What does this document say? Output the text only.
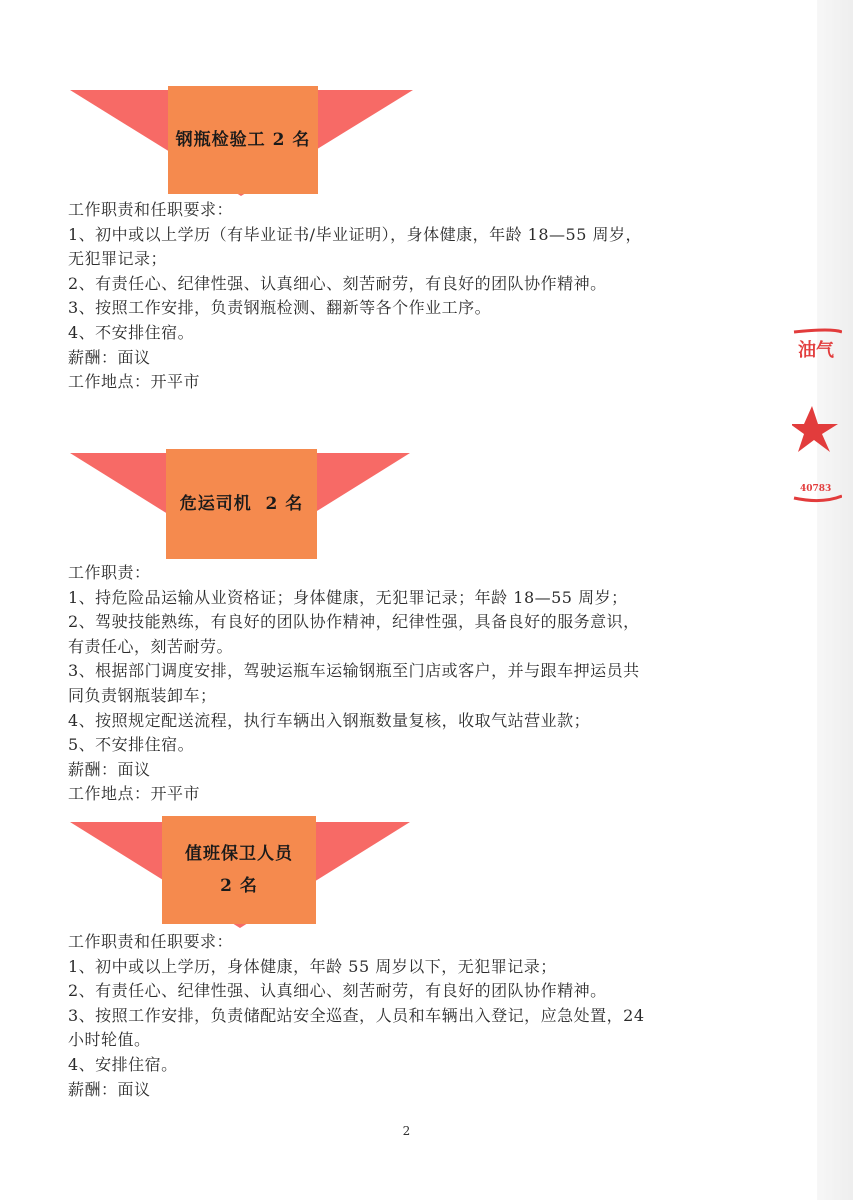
钢瓶检验工 2 名

工作职责和任职要求：

1、初中或以上学历（有毕业证书/毕业证明），身体健康，年龄 18—55 周岁，

无犯罪记录；

2、有责任心、纪律性强、认真细心、刻苦耐劳，有良好的团队协作精神。

3、按照工作安排，负责钢瓶检测、翻新等各个作业工序。

4、不安排住宿。

薪酬：面议

工作地点：开平市

危运司机  2 名

工作职责：

1、持危险品运输从业资格证；身体健康，无犯罪记录；年龄 18—55 周岁；

2、驾驶技能熟练，有良好的团队协作精神，纪律性强，具备良好的服务意识，

有责任心，刻苦耐劳。

3、根据部门调度安排，驾驶运瓶车运输钢瓶至门店或客户，并与跟车押运员共

同负责钢瓶装卸车；

4、按照规定配送流程，执行车辆出入钢瓶数量复核，收取气站营业款；

5、不安排住宿。

薪酬：面议

工作地点：开平市

值班保卫人员
2 名

工作职责和任职要求：

1、初中或以上学历，身体健康，年龄 55 周岁以下，无犯罪记录；

2、有责任心、纪律性强、认真细心、刻苦耐劳，有良好的团队协作精神。

3、按照工作安排，负责储配站安全巡查，人员和车辆出入登记，应急处置，24

小时轮值。

4、安排住宿。

薪酬：面议

油气
40783
2
